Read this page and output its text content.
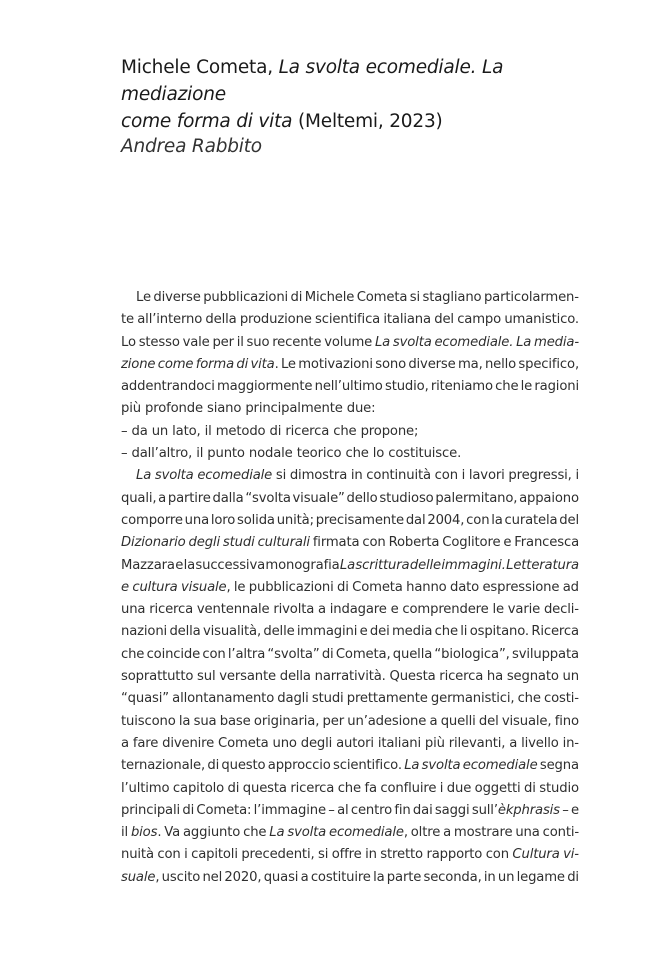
Michele Cometa, La svolta ecomediale. La mediazione
come forma di vita (Meltemi, 2023)

Andrea Rabbito

Le diverse pubblicazioni di Michele Cometa si stagliano particolarmen-
te all’interno della produzione scientifica italiana del campo umanistico.
Lo stesso vale per il suo recente volume La svolta ecomediale. La media-
zione come forma di vita. Le motivazioni sono diverse ma, nello specifico,
addentrandoci maggiormente nell’ultimo studio, riteniamo che le ragioni
più profonde siano principalmente due:
– da un lato, il metodo di ricerca che propone;
– dall’altro, il punto nodale teorico che lo costituisce.
La svolta ecomediale si dimostra in continuità con i lavori pregressi, i
quali, a partire dalla “svolta visuale” dello studioso palermitano, appaiono
comporre una loro solida unità; precisamente dal 2004, con la curatela del
Dizionario degli studi culturali firmata con Roberta Coglitore e Francesca
Mazzara e la successiva monografia La scrittura delle immagini. Letteratura
e cultura visuale, le pubblicazioni di Cometa hanno dato espressione ad
una ricerca ventennale rivolta a indagare e comprendere le varie decli-
nazioni della visualità, delle immagini e dei media che li ospitano. Ricerca
che coincide con l’altra “svolta” di Cometa, quella “biologica”, sviluppata
soprattutto sul versante della narratività. Questa ricerca ha segnato un
“quasi” allontanamento dagli studi prettamente germanistici, che costi-
tuiscono la sua base originaria, per un’adesione a quelli del visuale, fino
a fare divenire Cometa uno degli autori italiani più rilevanti, a livello in-
ternazionale, di questo approccio scientifico. La svolta ecomediale segna
l’ultimo capitolo di questa ricerca che fa confluire i due oggetti di studio
principali di Cometa: l’immagine – al centro fin dai saggi sull’èkphrasis – e
il bios. Va aggiunto che La svolta ecomediale, oltre a mostrare una conti-
nuità con i capitoli precedenti, si offre in stretto rapporto con Cultura vi-
suale, uscito nel 2020, quasi a costituire la parte seconda, in un legame di
